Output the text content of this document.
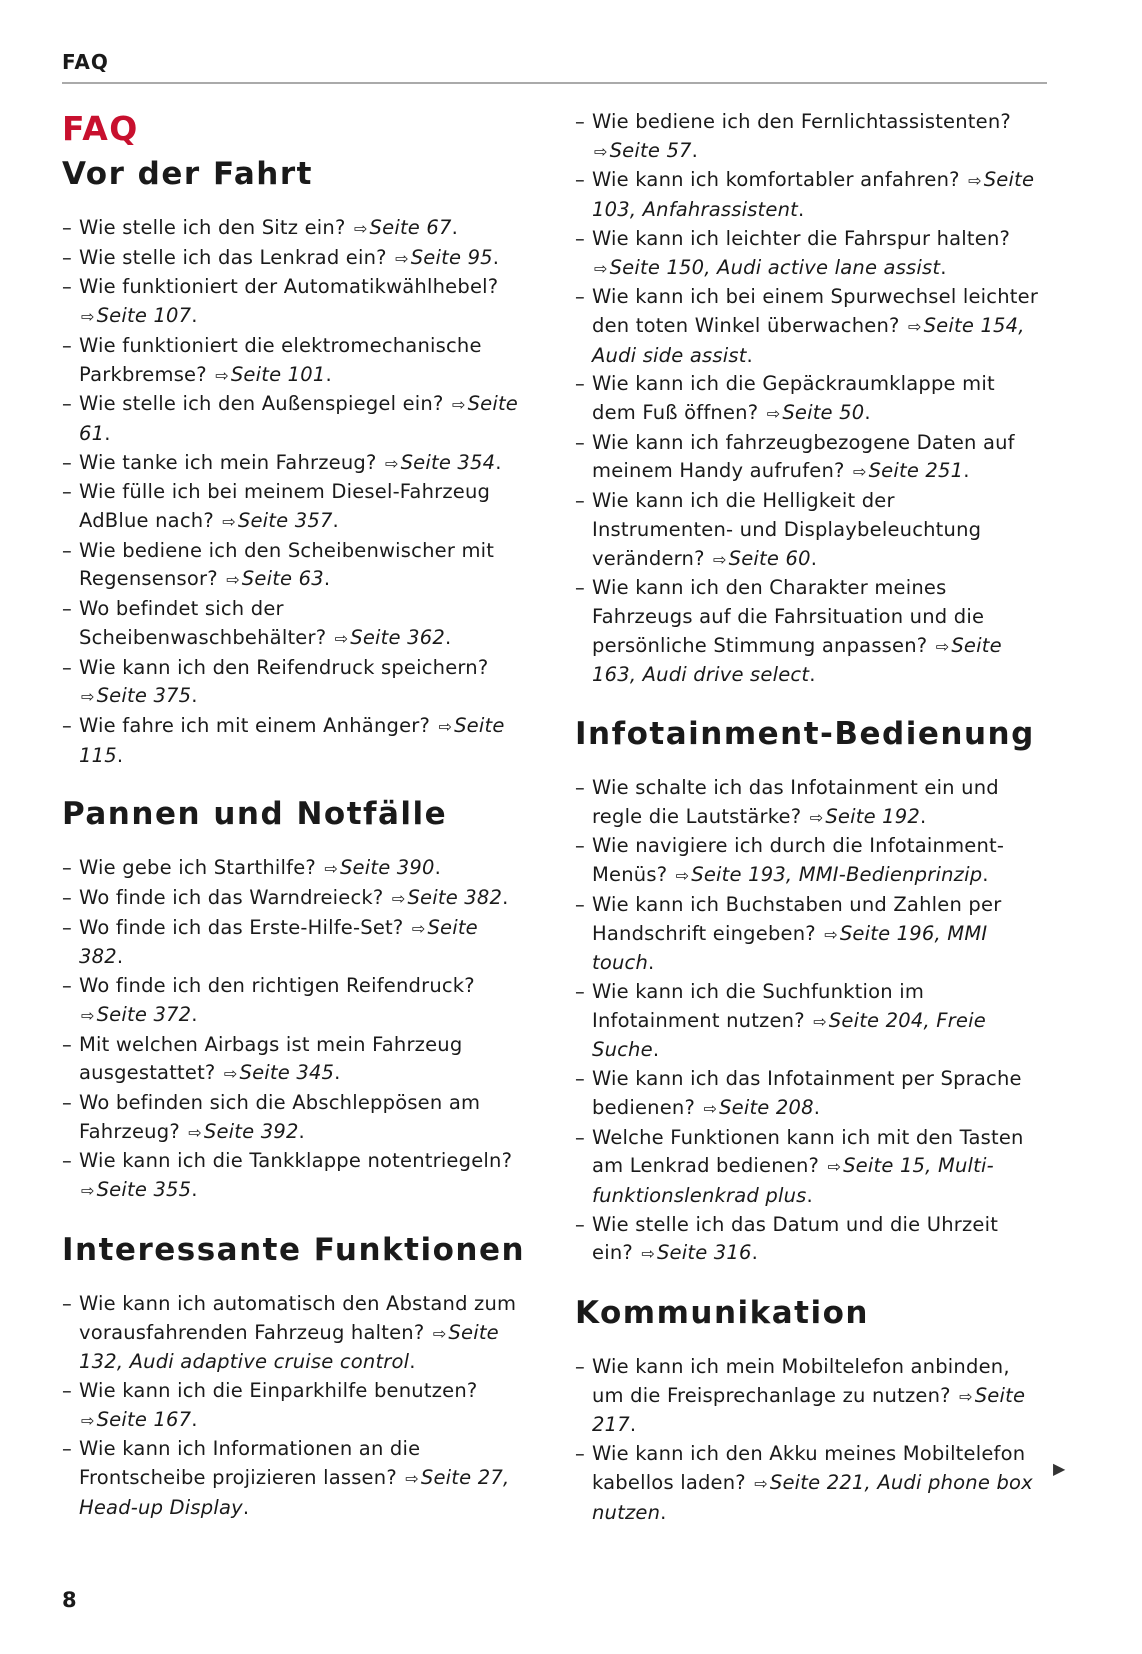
FAQ
FAQ
Vor der Fahrt
– Wie stelle ich den Sitz ein? ⇨ Seite 67.
– Wie stelle ich das Lenkrad ein? ⇨ Seite 95.
– Wie funktioniert der Automatikwählhebel? ⇨ Seite 107.
– Wie funktioniert die elektromechanische Parkbremse? ⇨ Seite 101.
– Wie stelle ich den Außenspiegel ein? ⇨ Seite 61.
– Wie tanke ich mein Fahrzeug? ⇨ Seite 354.
– Wie fülle ich bei meinem Diesel-Fahrzeug AdBlue nach? ⇨ Seite 357.
– Wie bediene ich den Scheibenwischer mit Regensensor? ⇨ Seite 63.
– Wo befindet sich der Scheibenwaschbehälter? ⇨ Seite 362.
– Wie kann ich den Reifendruck speichern? ⇨ Seite 375.
– Wie fahre ich mit einem Anhänger? ⇨ Seite 115.
Pannen und Notfälle
– Wie gebe ich Starthilfe? ⇨ Seite 390.
– Wo finde ich das Warndreieck? ⇨ Seite 382.
– Wo finde ich das Erste-Hilfe-Set? ⇨ Seite 382.
– Wo finde ich den richtigen Reifendruck? ⇨ Seite 372.
– Mit welchen Airbags ist mein Fahrzeug ausgestattet? ⇨ Seite 345.
– Wo befinden sich die Abschleppösen am Fahrzeug? ⇨ Seite 392.
– Wie kann ich die Tankklappe notentriegeln? ⇨ Seite 355.
Interessante Funktionen
– Wie kann ich automatisch den Abstand zum vorausfahrenden Fahrzeug halten? ⇨ Seite 132, Audi adaptive cruise control.
– Wie kann ich die Einparkhilfe benutzen? ⇨ Seite 167.
– Wie kann ich Informationen an die Frontscheibe projizieren lassen? ⇨ Seite 27, Head-up Display.
– Wie bediene ich den Fernlichtassistenten? ⇨ Seite 57.
– Wie kann ich komfortabler anfahren? ⇨ Seite 103, Anfahrassistent.
– Wie kann ich leichter die Fahrspur halten? ⇨ Seite 150, Audi active lane assist.
– Wie kann ich bei einem Spurwechsel leichter den toten Winkel überwachen? ⇨ Seite 154, Audi side assist.
– Wie kann ich die Gepäckraumklappe mit dem Fuß öffnen? ⇨ Seite 50.
– Wie kann ich fahrzeugbezogene Daten auf meinem Handy aufrufen? ⇨ Seite 251.
– Wie kann ich die Helligkeit der Instrumenten- und Displaybeleuchtung verändern? ⇨ Seite 60.
– Wie kann ich den Charakter meines Fahrzeugs auf die Fahrsituation und die persönliche Stimmung anpassen? ⇨ Seite 163, Audi drive select.
Infotainment-Bedienung
– Wie schalte ich das Infotainment ein und regle die Lautstärke? ⇨ Seite 192.
– Wie navigiere ich durch die Infotainment-Menüs? ⇨ Seite 193, MMI-Bedienprinzip.
– Wie kann ich Buchstaben und Zahlen per Handschrift eingeben? ⇨ Seite 196, MMI touch.
– Wie kann ich die Suchfunktion im Infotainment nutzen? ⇨ Seite 204, Freie Suche.
– Wie kann ich das Infotainment per Sprache bedienen? ⇨ Seite 208.
– Welche Funktionen kann ich mit den Tasten am Lenkrad bedienen? ⇨ Seite 15, Multifunktionslenkrad plus.
– Wie stelle ich das Datum und die Uhrzeit ein? ⇨ Seite 316.
Kommunikation
– Wie kann ich mein Mobiltelefon anbinden, um die Freisprechanlage zu nutzen? ⇨ Seite 217.
– Wie kann ich den Akku meines Mobiltelefon kabellos laden? ⇨ Seite 221, Audi phone box nutzen.
8
▶
